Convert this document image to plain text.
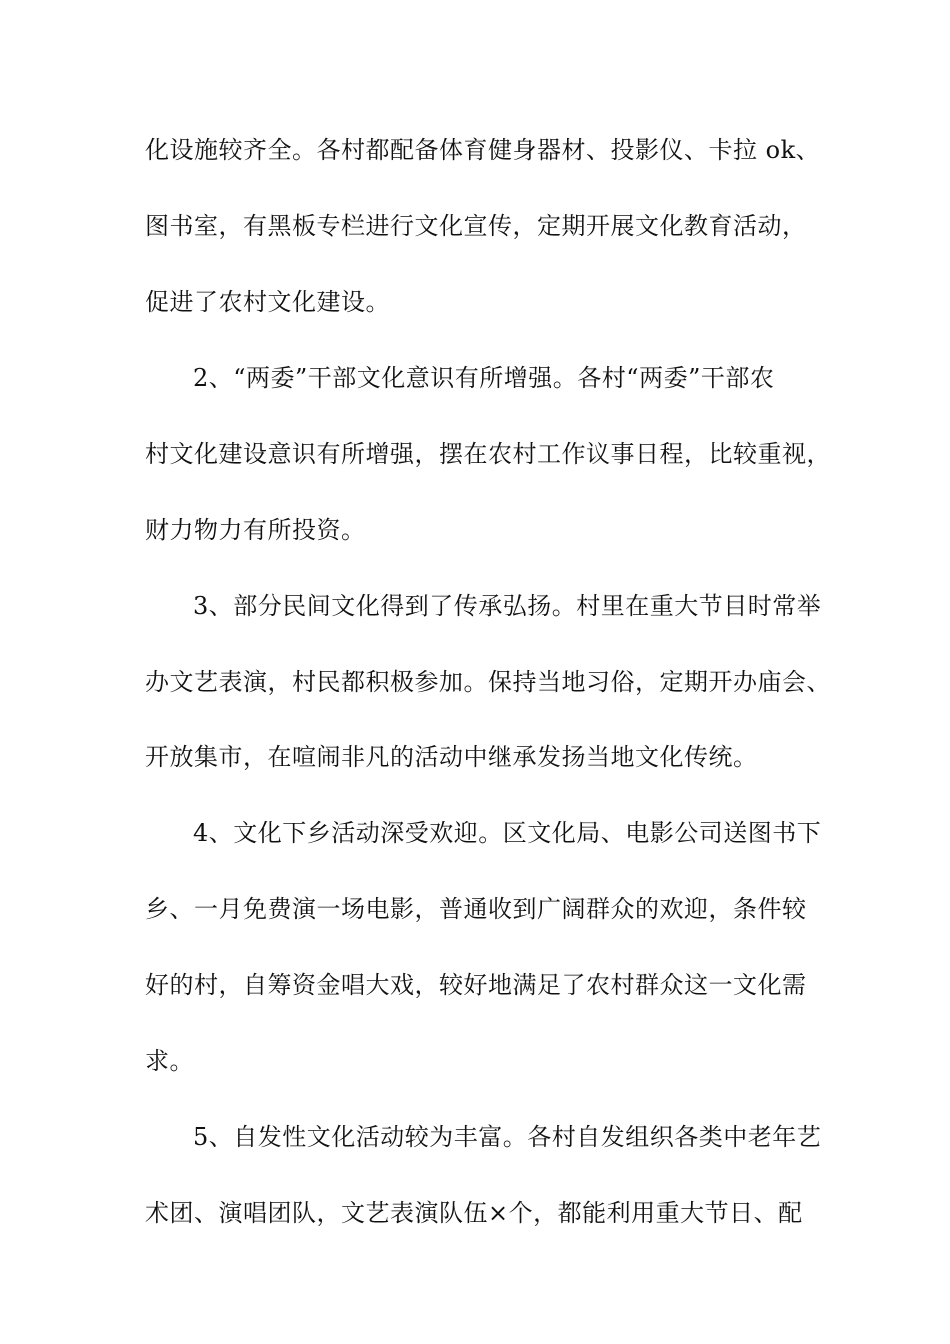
化设施较齐全。各村都配备体育健身器材、投影仪、卡拉 ok、
图书室，有黑板专栏进行文化宣传，定期开展文化教育活动，
促进了农村文化建设。
2、“两委”干部文化意识有所增强。各村“两委”干部农
村文化建设意识有所增强，摆在农村工作议事日程，比较重视，
财力物力有所投资。
3、部分民间文化得到了传承弘扬。村里在重大节目时常举
办文艺表演，村民都积极参加。保持当地习俗，定期开办庙会、
开放集市，在喧闹非凡的活动中继承发扬当地文化传统。
4、文化下乡活动深受欢迎。区文化局、电影公司送图书下
乡、一月免费演一场电影，普通收到广阔群众的欢迎，条件较
好的村，自筹资金唱大戏，较好地满足了农村群众这一文化需
求。
5、自发性文化活动较为丰富。各村自发组织各类中老年艺
术团、演唱团队，文艺表演队伍×个，都能利用重大节日、配
